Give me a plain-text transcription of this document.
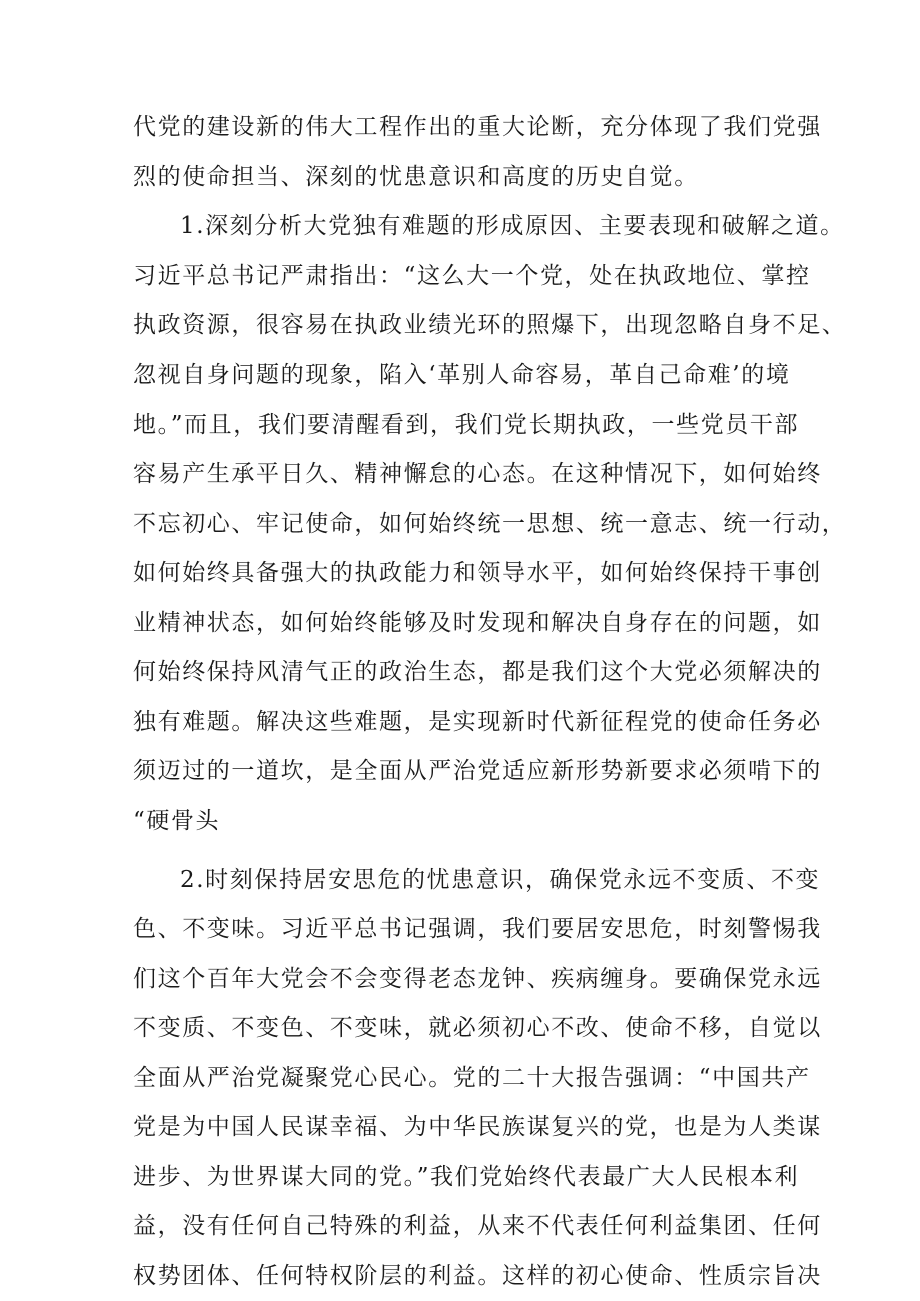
代党的建设新的伟大工程作出的重大论断，充分体现了我们党强
烈的使命担当、深刻的忧患意识和高度的历史自觉。
1.深刻分析大党独有难题的形成原因、主要表现和破解之道。
习近平总书记严肃指出：“这么大一个党，处在执政地位、掌控
执政资源，很容易在执政业绩光环的照爆下，出现忽略自身不足、
忽视自身问题的现象，陷入‘革别人命容易，革自己命难’的境
地。”而且，我们要清醒看到，我们党长期执政，一些党员干部
容易产生承平日久、精神懈怠的心态。在这种情况下，如何始终
不忘初心、牢记使命，如何始终统一思想、统一意志、统一行动，
如何始终具备强大的执政能力和领导水平，如何始终保持干事创
业精神状态，如何始终能够及时发现和解决自身存在的问题，如
何始终保持风清气正的政治生态，都是我们这个大党必须解决的
独有难题。解决这些难题，是实现新时代新征程党的使命任务必
须迈过的一道坎，是全面从严治党适应新形势新要求必须啃下的
“硬骨头
2.时刻保持居安思危的忧患意识，确保党永远不变质、不变
色、不变味。习近平总书记强调，我们要居安思危，时刻警惕我
们这个百年大党会不会变得老态龙钟、疾病缠身。要确保党永远
不变质、不变色、不变味，就必须初心不改、使命不移，自觉以
全面从严治党凝聚党心民心。党的二十大报告强调：“中国共产
党是为中国人民谋幸福、为中华民族谋复兴的党，也是为人类谋
进步、为世界谋大同的党。”我们党始终代表最广大人民根本利
益，没有任何自己特殊的利益，从来不代表任何利益集团、任何
权势团体、任何特权阶层的利益。这样的初心使命、性质宗旨决
